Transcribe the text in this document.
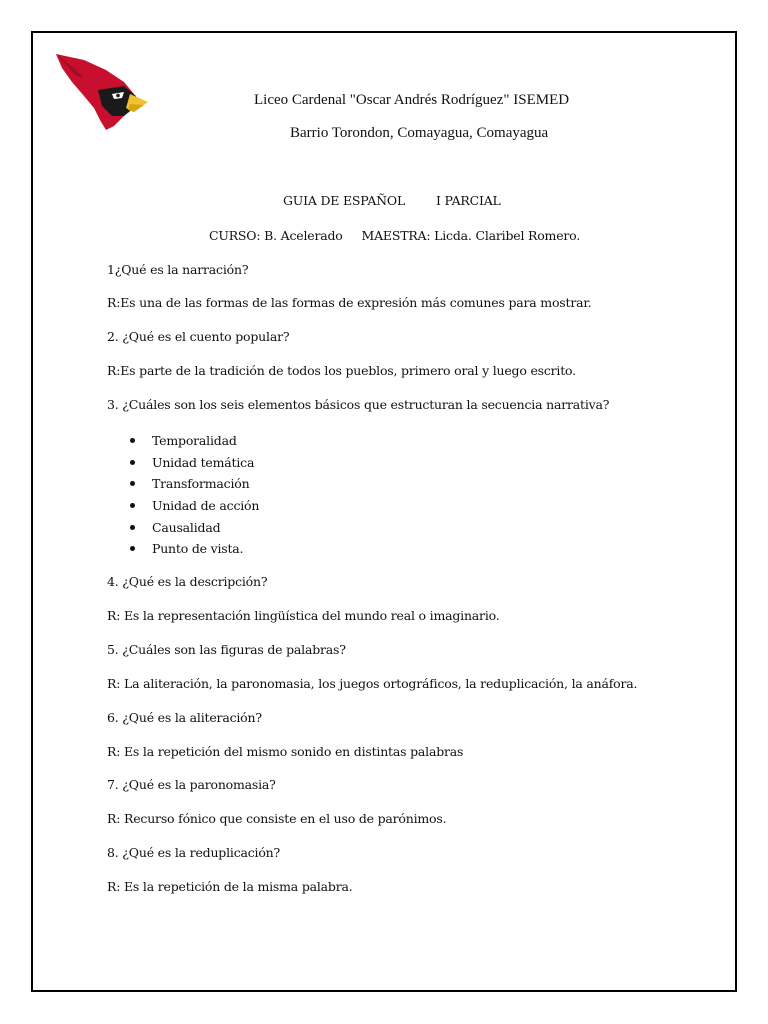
Liceo Cardenal "Oscar Andrés Rodríguez" ISEMED
Barrio Torondon, Comayagua, Comayagua
GUIA DE ESPAÑOL I PARCIAL
CURSO: B. Acelerado     MAESTRA: Licda. Claribel Romero.
1¿Qué es la narración?
R:Es una de las formas de las formas de expresión más comunes para mostrar.
2. ¿Qué es el cuento popular?
R:Es parte de la tradición de todos los pueblos, primero oral y luego escrito.
3. ¿Cuáles son los seis elementos básicos que estructuran la secuencia narrativa?
Temporalidad
Unidad temática
Transformación
Unidad de acción
Causalidad
Punto de vista.
4. ¿Qué es la descripción?
R: Es la representación lingüística del mundo real o imaginario.
5. ¿Cuáles son las figuras de palabras?
R: La aliteración, la paronomasia, los juegos ortográficos, la reduplicación, la anáfora.
6. ¿Qué es la aliteración?
R: Es la repetición del mismo sonido en distintas palabras
7. ¿Qué es la paronomasia?
R: Recurso fónico que consiste en el uso de parónimos.
8. ¿Qué es la reduplicación?
R: Es la repetición de la misma palabra.
